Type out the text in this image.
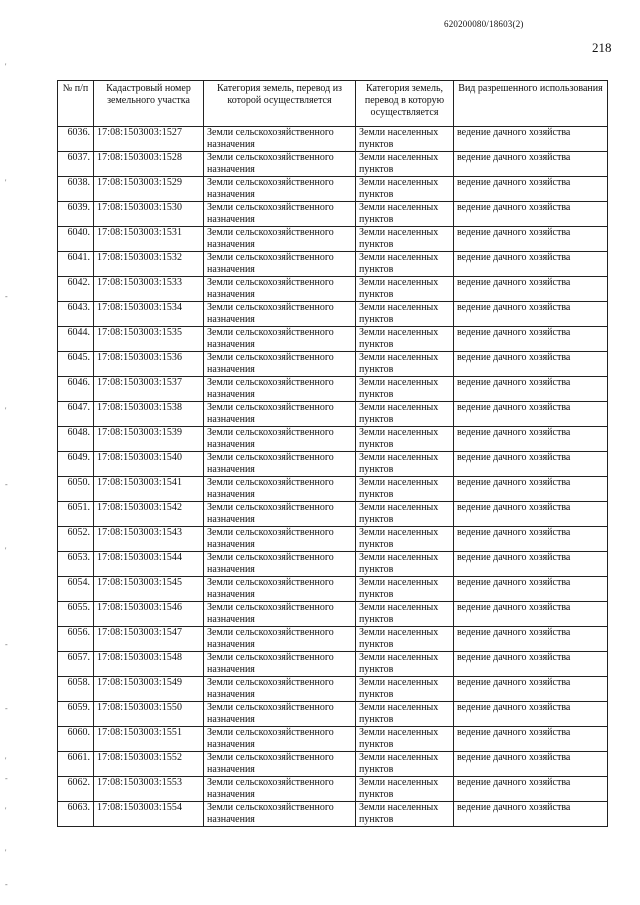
620200080/18603(2)
218
'
'
-
'
-
'
-
-
'
-
'
'
-
№ п/п	Кадастровый номер земельного участка	Категория земель, перевод из которой осуществляется	Категория земель, перевод в которую осуществляется	Вид разрешенного использования
6036.	17:08:1503003:1527	Земли сельскохозяйственного назначения	Земли населенных пунктов	ведение дачного хозяйства
6037.	17:08:1503003:1528	Земли сельскохозяйственного назначения	Земли населенных пунктов	ведение дачного хозяйства
6038.	17:08:1503003:1529	Земли сельскохозяйственного назначения	Земли населенных пунктов	ведение дачного хозяйства
6039.	17:08:1503003:1530	Земли сельскохозяйственного назначения	Земли населенных пунктов	ведение дачного хозяйства
6040.	17:08:1503003:1531	Земли сельскохозяйственного назначения	Земли населенных пунктов	ведение дачного хозяйства
6041.	17:08:1503003:1532	Земли сельскохозяйственного назначения	Земли населенных пунктов	ведение дачного хозяйства
6042.	17:08:1503003:1533	Земли сельскохозяйственного назначения	Земли населенных пунктов	ведение дачного хозяйства
6043.	17:08:1503003:1534	Земли сельскохозяйственного назначения	Земли населенных пунктов	ведение дачного хозяйства
6044.	17:08:1503003:1535	Земли сельскохозяйственного назначения	Земли населенных пунктов	ведение дачного хозяйства
6045.	17:08:1503003:1536	Земли сельскохозяйственного назначения	Земли населенных пунктов	ведение дачного хозяйства
6046.	17:08:1503003:1537	Земли сельскохозяйственного назначения	Земли населенных пунктов	ведение дачного хозяйства
6047.	17:08:1503003:1538	Земли сельскохозяйственного назначения	Земли населенных пунктов	ведение дачного хозяйства
6048.	17:08:1503003:1539	Земли сельскохозяйственного назначения	Земли населенных пунктов	ведение дачного хозяйства
6049.	17:08:1503003:1540	Земли сельскохозяйственного назначения	Земли населенных пунктов	ведение дачного хозяйства
6050.	17:08:1503003:1541	Земли сельскохозяйственного назначения	Земли населенных пунктов	ведение дачного хозяйства
6051.	17:08:1503003:1542	Земли сельскохозяйственного назначения	Земли населенных пунктов	ведение дачного хозяйства
6052.	17:08:1503003:1543	Земли сельскохозяйственного назначения	Земли населенных пунктов	ведение дачного хозяйства
6053.	17:08:1503003:1544	Земли сельскохозяйственного назначения	Земли населенных пунктов	ведение дачного хозяйства
6054.	17:08:1503003:1545	Земли сельскохозяйственного назначения	Земли населенных пунктов	ведение дачного хозяйства
6055.	17:08:1503003:1546	Земли сельскохозяйственного назначения	Земли населенных пунктов	ведение дачного хозяйства
6056.	17:08:1503003:1547	Земли сельскохозяйственного назначения	Земли населенных пунктов	ведение дачного хозяйства
6057.	17:08:1503003:1548	Земли сельскохозяйственного назначения	Земли населенных пунктов	ведение дачного хозяйства
6058.	17:08:1503003:1549	Земли сельскохозяйственного назначения	Земли населенных пунктов	ведение дачного хозяйства
6059.	17:08:1503003:1550	Земли сельскохозяйственного назначения	Земли населенных пунктов	ведение дачного хозяйства
6060.	17:08:1503003:1551	Земли сельскохозяйственного назначения	Земли населенных пунктов	ведение дачного хозяйства
6061.	17:08:1503003:1552	Земли сельскохозяйственного назначения	Земли населенных пунктов	ведение дачного хозяйства
6062.	17:08:1503003:1553	Земли сельскохозяйственного назначения	Земли населенных пунктов	ведение дачного хозяйства
6063.	17:08:1503003:1554	Земли сельскохозяйственного назначения	Земли населенных пунктов	ведение дачного хозяйства
